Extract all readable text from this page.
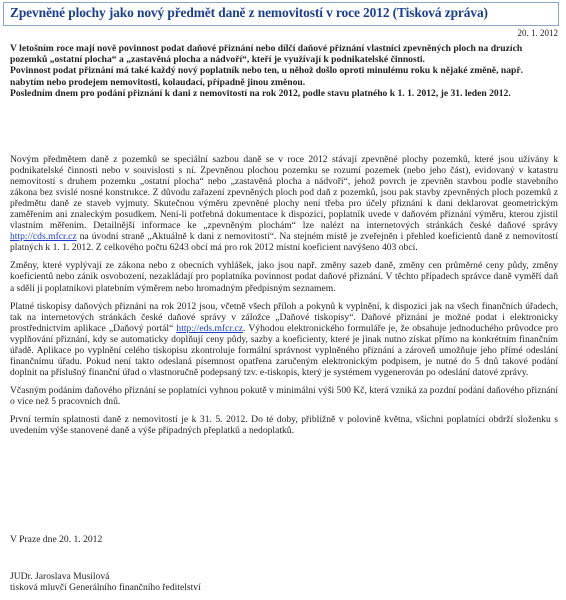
Zpevněné plochy jako nový předmět daně z nemovitostí v roce 2012 (Tisková zpráva)
20. 1. 2012

V letošním roce mají nově povinnost podat daňové přiznání nebo dílčí daňové přiznání vlastníci zpevněných ploch na druzích pozemků „ostatní plocha“ a „zastavěná plocha a nádvoří“, kteří je využívají k podnikatelské činnosti.

Povinnost podat přiznání má také každý nový poplatník nebo ten, u něhož došlo oproti minulému roku k nějaké změně, např. nabytím nebo prodejem nemovitosti, kolaudací, případně jinou změnou.

Posledním dnem pro podání přiznání k dani z nemovitostí na rok 2012, podle stavu platného k 1. 1. 2012, je 31. leden 2012.

Novým předmětem daně z pozemků se speciální sazbou daně se v roce 2012 stávají zpevněné plochy pozemků, které jsou užívány k podnikatelské činnosti nebo v souvislosti s ní. Zpevněnou plochou pozemku se rozumí pozemek (nebo jeho část), evidovaný v katastru nemovitostí s druhem pozemku „ostatní plocha“ nebo „zastavěná plocha a nádvoří“, jehož povrch je zpevněn stavbou podle stavebního zákona bez svislé nosné konstrukce. Z důvodu zařazení zpevněných ploch pod daň z pozemků, jsou pak stavby zpevněných ploch pozemků z předmětu daně ze staveb vyjmuty. Skutečnou výměru zpevněné plochy není třeba pro účely přiznání k dani deklarovat geometrickým zaměřením ani znaleckým posudkem. Není-li potřebná dokumentace k dispozici, poplatník uvede v daňovém přiznání výměru, kterou zjistil vlastním měřením. Detailnější informace ke „zpevněným plochám“ lze nalézt na internetových stránkách české daňové správy http://cds.mfcr.cz na úvodní straně „Aktuálně k dani z nemovitostí“. Na stejném místě je zveřejněn i přehled koeficientů daně z nemovitostí platných k 1. 1. 2012. Z celkového počtu 6243 obcí má pro rok 2012 místní koeficient navýšeno 403 obcí.

Změny, které vyplývají ze zákona nebo z obecních vyhlášek, jako jsou např. změny sazeb daně, změny cen průměrné ceny půdy, změny koeficientů nebo zánik osvobození, nezakládají pro poplatníka povinnost podat daňové přiznání. V těchto případech správce daně vyměří daň a sdělí ji poplatníkovi platebním výměrem nebo hromadným předpisným seznamem.

Platné tiskopisy daňových přiznání na rok 2012 jsou, včetně všech příloh a pokynů k vyplnění, k dispozici jak na všech finančních úřadech, tak na internetových stránkách české daňové správy v záložce „Daňové tiskopisy“. Daňové přiznání je možné podat i elektronicky prostřednictvím aplikace „Daňový portál“ http://eds.mfcr.cz. Výhodou elektronického formuláře je, že obsahuje jednoduchého průvodce pro vyplňování přiznání, kdy se automaticky doplňují ceny půdy, sazby a koeficienty, které je jinak nutno získat přímo na konkrétním finančním úřadě. Aplikace po vyplnění celého tiskopisu zkontroluje formální správnost vyplněného přiznání a zároveň umožňuje jeho přímé odeslání finančnímu úřadu. Pokud není takto odeslaná písemnost opatřena zaručeným elektronickým podpisem, je nutné do 5 dnů takové podání doplnit na příslušný finanční úřad o vlastnoručně podepsaný tzv. e-tiskopis, který je systémem vygenerován po odeslání datové zprávy.

Včasným podáním daňového přiznání se poplatníci vyhnou pokutě v minimální výši 500 Kč, která vzniká za pozdní podání daňového přiznání o více než 5 pracovních dnů.

První termín splatnosti daně z nemovitostí je k 31. 5. 2012. Do té doby, přibližně v polovině května, všichni poplatníci obdrží složenku s uvedením výše stanovené daně a výše případných přeplatků a nedoplatků.

V Praze dne 20. 1. 2012
JUDr. Jaroslava Musilová
tisková mluvčí Generálního finančního ředitelství
